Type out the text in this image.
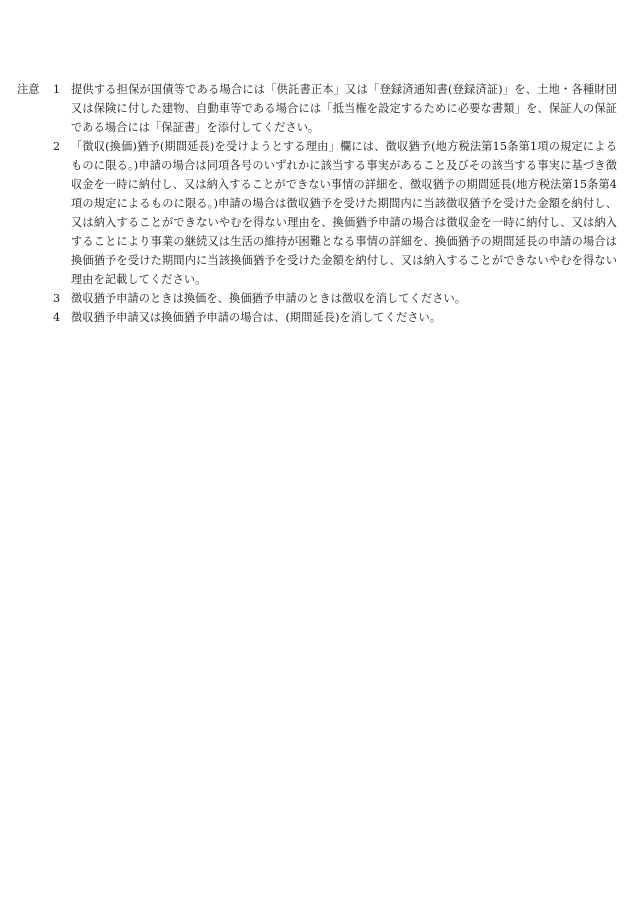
注意	1 提供する担保が国債等である場合には「供託書正本」又は「登録済通知書(登録済証)」を、土地・各種財団又は保険に付した建物、自動車等である場合には「抵当権を設定するために必要な書類」を、保証人の保証である場合には「保証書」を添付してください。
2 「徴収(換価)猶予(期間延長)を受けようとする理由」欄には、徴収猶予(地方税法第15条第1項の規定によるものに限る。)申請の場合は同項各号のいずれかに該当する事実があること及びその該当する事実に基づき徴収金を一時に納付し、又は納入することができない事情の詳細を、徴収猶予の期間延長(地方税法第15条第4項の規定によるものに限る。)申請の場合は徴収猶予を受けた期間内に当該徴収猶予を受けた金額を納付し、又は納入することができないやむを得ない理由を、換価猶予申請の場合は徴収金を一時に納付し、又は納入することにより事業の継続又は生活の維持が困難となる事情の詳細を、換価猶予の期間延長の申請の場合は換価猶予を受けた期間内に当該換価猶予を受けた金額を納付し、又は納入することができないやむを得ない理由を記載してください。
3 徴収猶予申請のときは換価を、換価猶予申請のときは徴収を消してください。
4 徴収猶予申請又は換価猶予申請の場合は、(期間延長)を消してください。
